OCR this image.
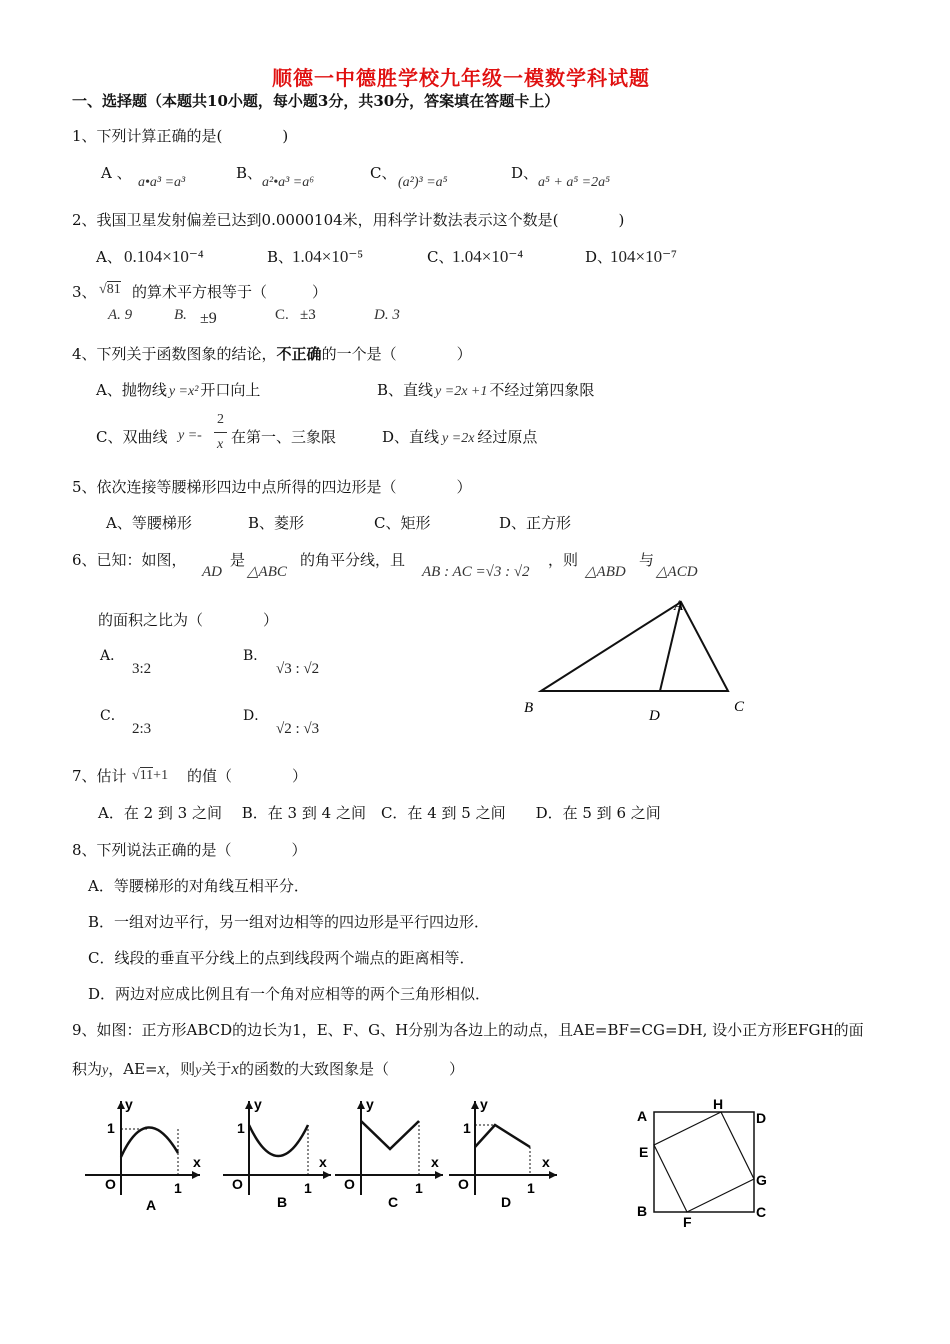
顺德一中德胜学校九年级一模数学科试题
一、选择题（本题共10小题，每小题3分，共30分，答案填在答题卡上）
1、下列计算正确的是(　　　　)
A 、
a•a³ =a³
B、
a²•a³ =a⁶
C、
(a²)³ =a⁵
D、
a⁵ + a⁵ =2a⁵
2、我国卫星发射偏差已达到0.0000104米，用科学计数法表示这个数是(　　　　)
A、 0.104×10⁻⁴	B、
1.04×10⁻⁵	C、
1.04×10⁻⁴	D、
104×10⁻⁷
3、 √81 的算术平方根等于（　　　）
A. 9	B. ±9	C. ±3	D. 3
4、下列关于函数图象的结论，不正确的一个是（　　　　）
A、抛物线 y =x² 开口向上	B、直线 y =2x +1 不经过第四象限
C、双曲线 y =-
2
x 在第一、三象限	D、直线 y =2x 经过原点
5、依次连接等腰梯形四边中点所得的四边形是（　　　　）
A、等腰梯形	B、菱形	C、矩形	D、正方形
6、已知：如图，
AD
是
△ABC
的角平分线，且
AB : AC =√3 : √2
，则
△ABD
与
△ACD
的面积之比为（　　　　）
A．
3:2
B．
√3 : √2
C．
2:3
D．
√2 : √3
A
B	D
C
7、估计 √11+1 的值（　　　　）
A．在 2 到 3 之间　 B．在 3 到 4 之间　C．在 4 到 5 之间　　D．在 5 到 6 之间
8、下列说法正确的是（　　　　）
A．等腰梯形的对角线互相平分．
B．一组对边平行，另一组对边相等的四边形是平行四边形．
C．线段的垂直平分线上的点到线段两个端点的距离相等．
D．两边对应成比例且有一个角对应相等的两个三角形相似．
9、如图：正方形ABCD的边长为1，E、F、G、H分别为各边上的动点，且AE=BF=CG=DH, 设小正方形EFGH的面
积为y，AE=x，则y关于x的函数的大致图象是（　　　　）
y
x
1
1
O
A
y
x
1
1
O
B
y
x
1
O
C
y
x
1
1
O
D
A
H
D
E
G
B
F
C
